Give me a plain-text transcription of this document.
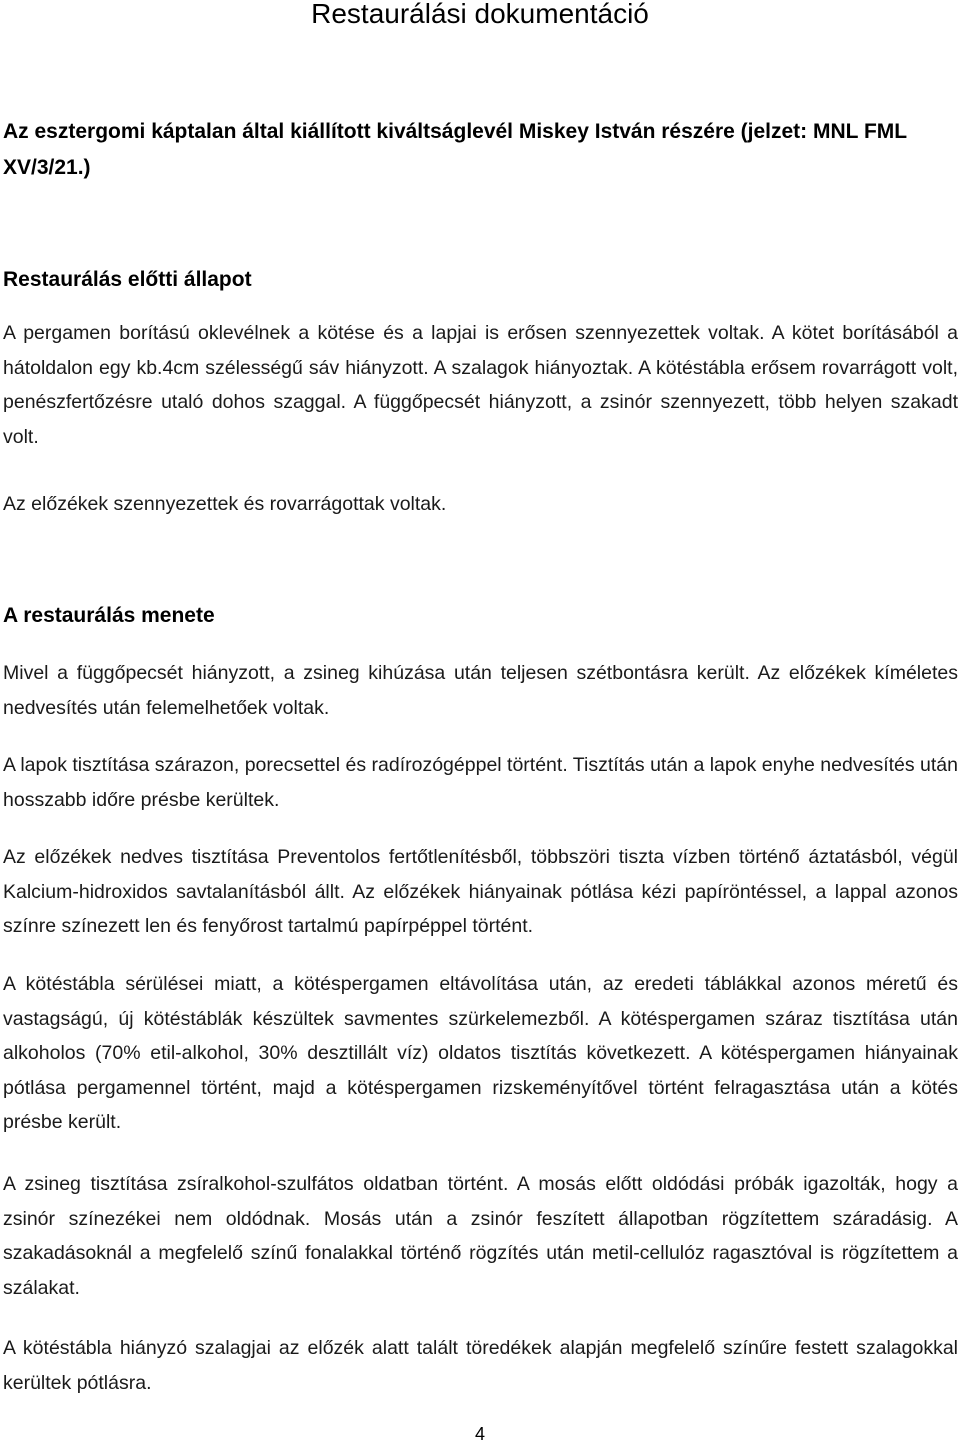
Restaurálási dokumentáció
Az esztergomi káptalan által kiállított kiváltságlevél Miskey István részére (jelzet: MNL FML XV/3/21.)
Restaurálás előtti állapot
A pergamen borítású oklevélnek a kötése és a lapjai is erősen szennyezettek voltak. A kötet borításából a hátoldalon egy kb.4cm szélességű sáv hiányzott. A szalagok hiányoztak. A kötéstábla erősem rovarrágott volt, penészfertőzésre utaló dohos szaggal. A függőpecsét hiányzott, a zsinór szennyezett, több helyen szakadt volt.
Az előzékek szennyezettek és rovarrágottak voltak.
A restaurálás menete
Mivel a függőpecsét hiányzott, a zsineg kihúzása után teljesen szétbontásra került. Az előzékek kíméletes nedvesítés után felemelhetőek voltak.
A lapok tisztítása szárazon, porecsettel és radírozógéppel történt. Tisztítás után a lapok enyhe nedvesítés után hosszabb időre présbe kerültek.
Az előzékek nedves tisztítása Preventolos fertőtlenítésből, többszöri tiszta vízben történő áztatásból, végül Kalcium-hidroxidos savtalanításból állt. Az előzékek hiányainak pótlása kézi papíröntéssel, a lappal azonos színre színezett len és fenyőrost tartalmú papírpéppel történt.
A kötéstábla sérülései miatt, a kötéspergamen eltávolítása után, az eredeti táblákkal azonos méretű és vastagságú, új kötéstáblák készültek savmentes szürkelemezből. A kötéspergamen száraz tisztítása után alkoholos (70% etil-alkohol, 30% desztillált víz) oldatos tisztítás következett. A kötéspergamen hiányainak pótlása pergamennel történt, majd a kötéspergamen rizskeményítővel történt felragasztása után a kötés présbe került.
A zsineg tisztítása zsíralkohol-szulfátos oldatban történt. A mosás előtt oldódási próbák igazolták, hogy a zsinór színezékei nem oldódnak. Mosás után a zsinór feszített állapotban rögzítettem száradásig. A szakadásoknál a megfelelő színű fonalakkal történő rögzítés után metil-cellulóz ragasztóval is rögzítettem a szálakat.
A kötéstábla hiányzó szalagjai az előzék alatt talált töredékek alapján megfelelő színűre festett szalagokkal kerültek pótlásra.
4
